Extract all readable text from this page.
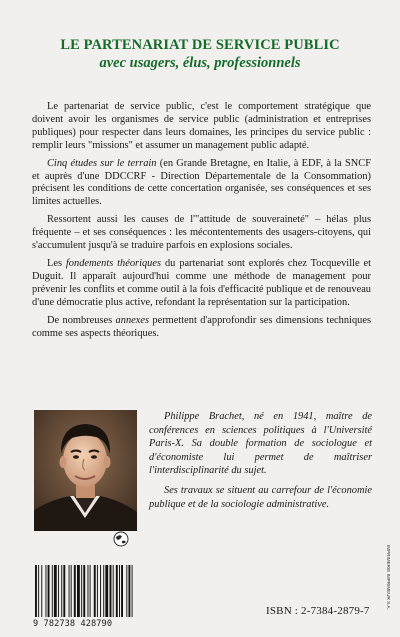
LE PARTENARIAT DE SERVICE PUBLIC
avec usagers, élus, professionnels

Le partenariat de service public, c'est le comportement stratégique que doivent avoir les organismes de service public (administration et entreprises publiques) pour respecter dans leurs domaines, les principes du service public : remplir leurs "missions" et assumer un management public adapté.

Cinq études sur le terrain (en Grande Bretagne, en Italie, à EDF, à la SNCF et auprès d'une DDCCRF - Direction Départementale de la Consommation) précisent les conditions de cette concertation organisée, ses conséquences et ses limites actuelles.

Ressortent aussi les causes de l'"attitude de souveraineté" – hélas plus fréquente – et ses conséquences : les mécontentements des usagers-citoyens, qui s'accumulent jusqu'à se traduire parfois en explosions sociales.

Les fondements théoriques du partenariat sont explorés chez Tocqueville et Duguit. Il apparaît aujourd'hui comme une méthode de management pour prévenir les conflits et comme outil à la fois d'efficacité publique et de renouveau d'une démocratie plus active, refondant la représentation sur la participation.

De nombreuses annexes permettent d'approfondir ses dimensions techniques comme ses aspects théoriques.

Philippe Brachet, né en 1941, maître de conférences en sciences politiques à l'Université Paris-X. Sa double formation de sociologue et d'économiste lui permet de maîtriser l'interdisciplinarité du sujet.

Ses travaux se situent au carrefour de l'économie publique et de la sociologie administrative.

9 782738 428790
ISBN : 2-7384-2879-7
IMPRIMERIE IMPRIMEUR S.A.
